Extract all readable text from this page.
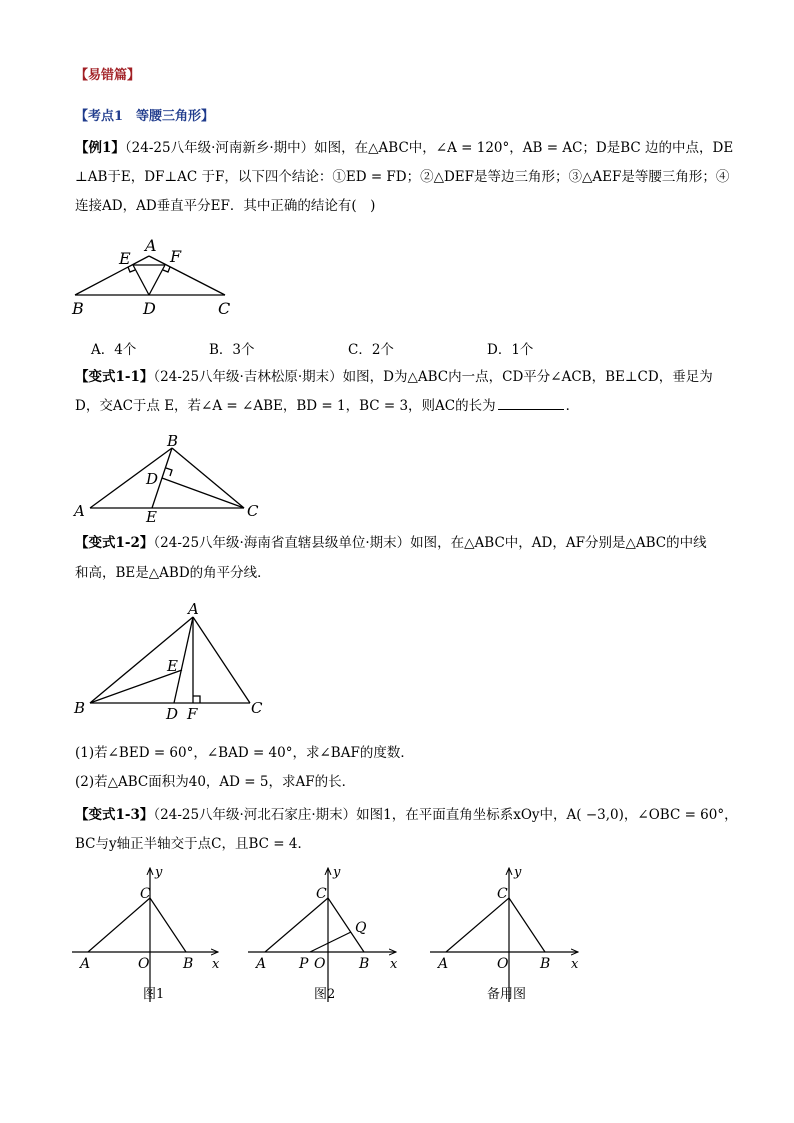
【易错篇】
【考点1　等腰三角形】
【例1】（24-25八年级·河南新乡·期中）如图，在△ABC中，∠A = 120°，AB = AC；D是BC 边的中点，DE
⊥AB于E，DF⊥AC 于F，以下四个结论：①ED = FD；②△DEF是等边三角形；③△AEF是等腰三角形；④
连接AD，AD垂直平分EF．其中正确的结论有(　)
A
B	C
D
E F
A．4个	B．3个	C．2个	D．1个
【变式1-1】（24-25八年级·吉林松原·期末）如图，D为△ABC内一点，CD平分∠ACB，BE⊥CD，垂足为
D，交AC于点 E，若∠A = ∠ABE，BD = 1，BC = 3，则AC的长为	．
B
D
A	E	C
【变式1-2】（24-25八年级·海南省直辖县级单位·期末）如图，在△ABC中，AD，AF分别是△ABC的中线
和高，BE是△ABD的角平分线．
A
E
B	D F	C
(1)若∠BED = 60°，∠BAD = 40°，求∠BAF的度数．
(2)若△ABC面积为40，AD = 5，求AF的长．
【变式1-3】（24-25八年级·河北石家庄·期末）如图1，在平面直角坐标系xOy中，A( −3,0)，∠OBC = 60°，
BC与y轴正半轴交于点C，且BC = 4．
C
y
A	O B x
图1
C
y
Q
A P O B x
图2
C
y
A	O B x
备用图
